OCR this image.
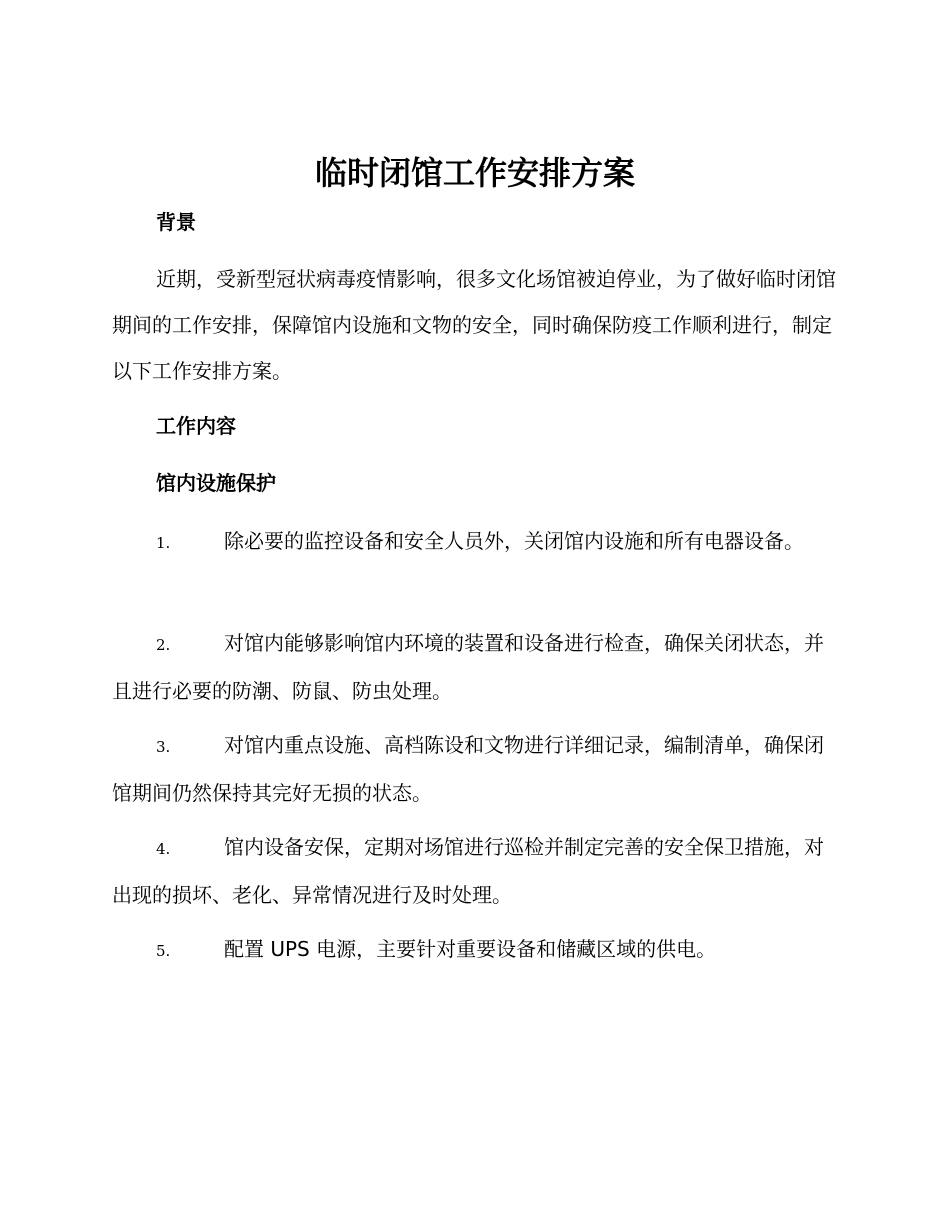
临时闭馆工作安排方案
背景

近期，受新型冠状病毒疫情影响，很多文化场馆被迫停业，为了做好临时闭馆期间的工作安排，保障馆内设施和文物的安全，同时确保防疫工作顺利进行，制定以下工作安排方案。

工作内容
馆内设施保护

1.	除必要的监控设备和安全人员外，关闭馆内设施和所有电器设备。

2.	对馆内能够影响馆内环境的装置和设备进行检查，确保关闭状态，并且进行必要的防潮、防鼠、防虫处理。

3.	对馆内重点设施、高档陈设和文物进行详细记录，编制清单，确保闭馆期间仍然保持其完好无损的状态。

4.	馆内设备安保，定期对场馆进行巡检并制定完善的安全保卫措施，对出现的损坏、老化、异常情况进行及时处理。

5.	配置 UPS 电源，主要针对重要设备和储藏区域的供电。
